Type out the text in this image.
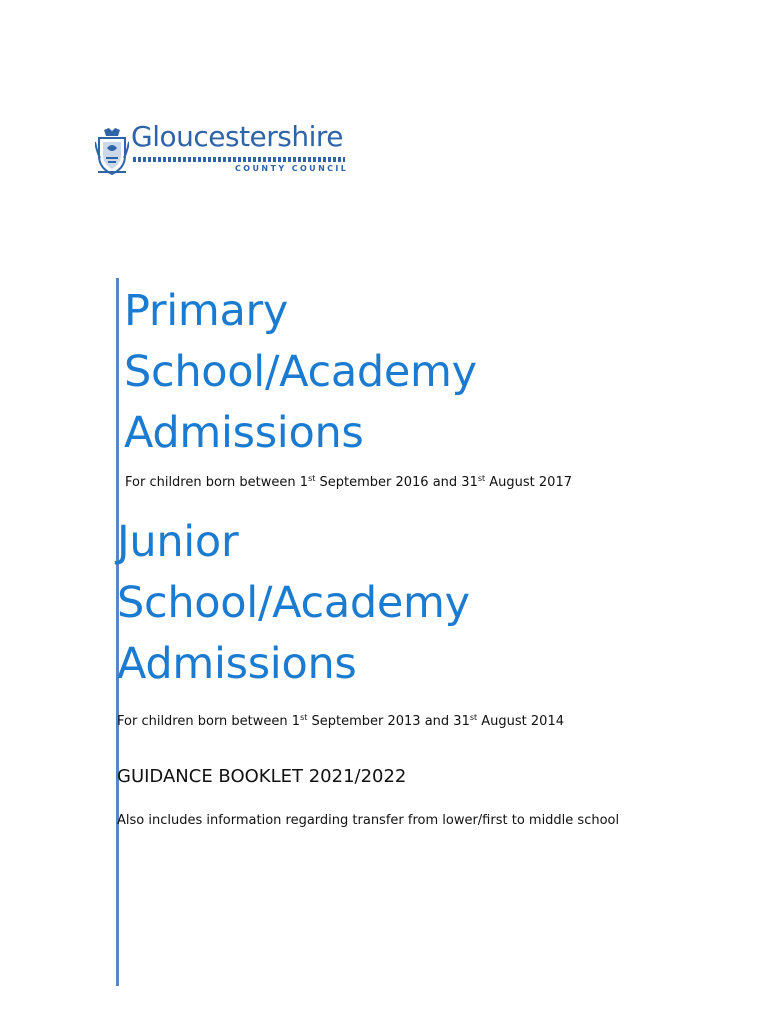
Gloucestershire
COUNTY COUNCIL
Primary
School/Academy
Admissions
For children born between 1st September 2016 and 31st August 2017
Junior
School/Academy
Admissions
For children born between 1st September 2013 and 31st August 2014
GUIDANCE BOOKLET 2021/2022
Also includes information regarding transfer from lower/first to middle school
